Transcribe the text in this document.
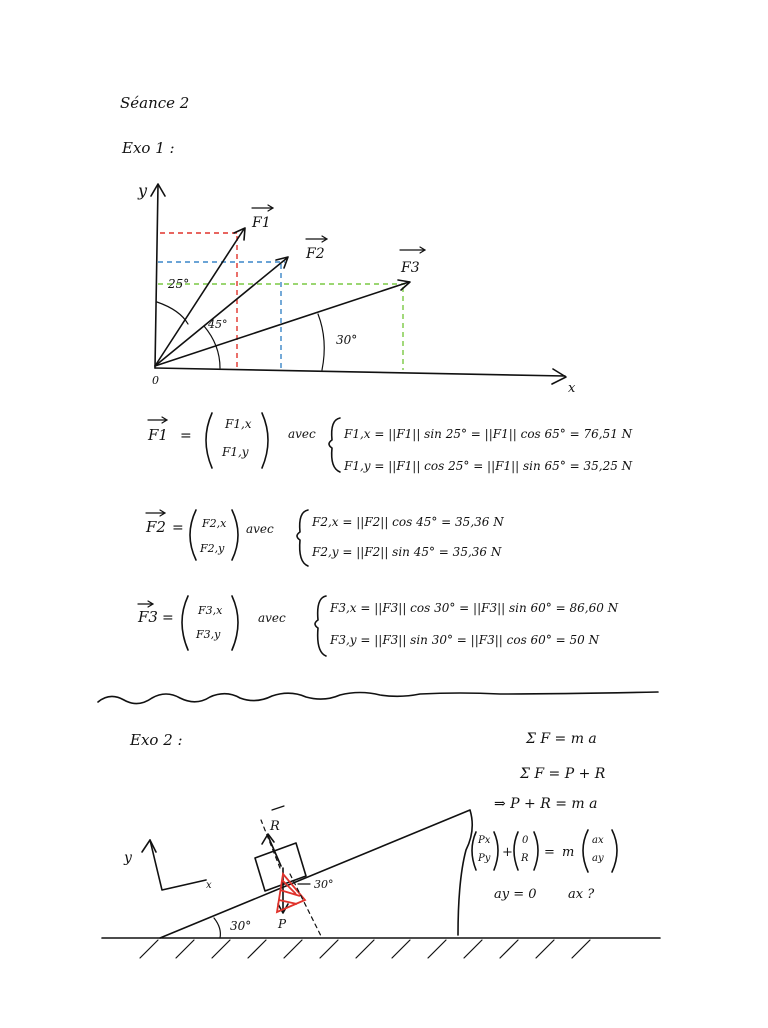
Séance 2
Exo 1 :
y
x
0
F1
F2
F3
25°
45°
30°
F1 =
F1,x
F1,y
avec F1,x = ||F1|| sin 25° = ||F1|| cos 65° = 76,51 N
F1,y = ||F1|| cos 25° = ||F1|| sin 65° = 35,25 N
F2 = F2,x
F2,y
avec	F2,x = ||F2|| cos 45° = 35,36 N
F2,y = ||F2|| sin 45° = 35,36 N
F3 = F3,x
F3,y
avec
F3,x = ||F3|| cos 30° = ||F3|| sin 60° = 86,60 N
F3,y = ||F3|| sin 30° = ||F3|| cos 60° = 50 N
Exo 2 :	Σ F = m a
Σ F = P + R
⇒ P + R = m a
Px
Py +
0
R = m
ax
ay
ay = 0 ax ?
y
x
30°
R
P
30°
